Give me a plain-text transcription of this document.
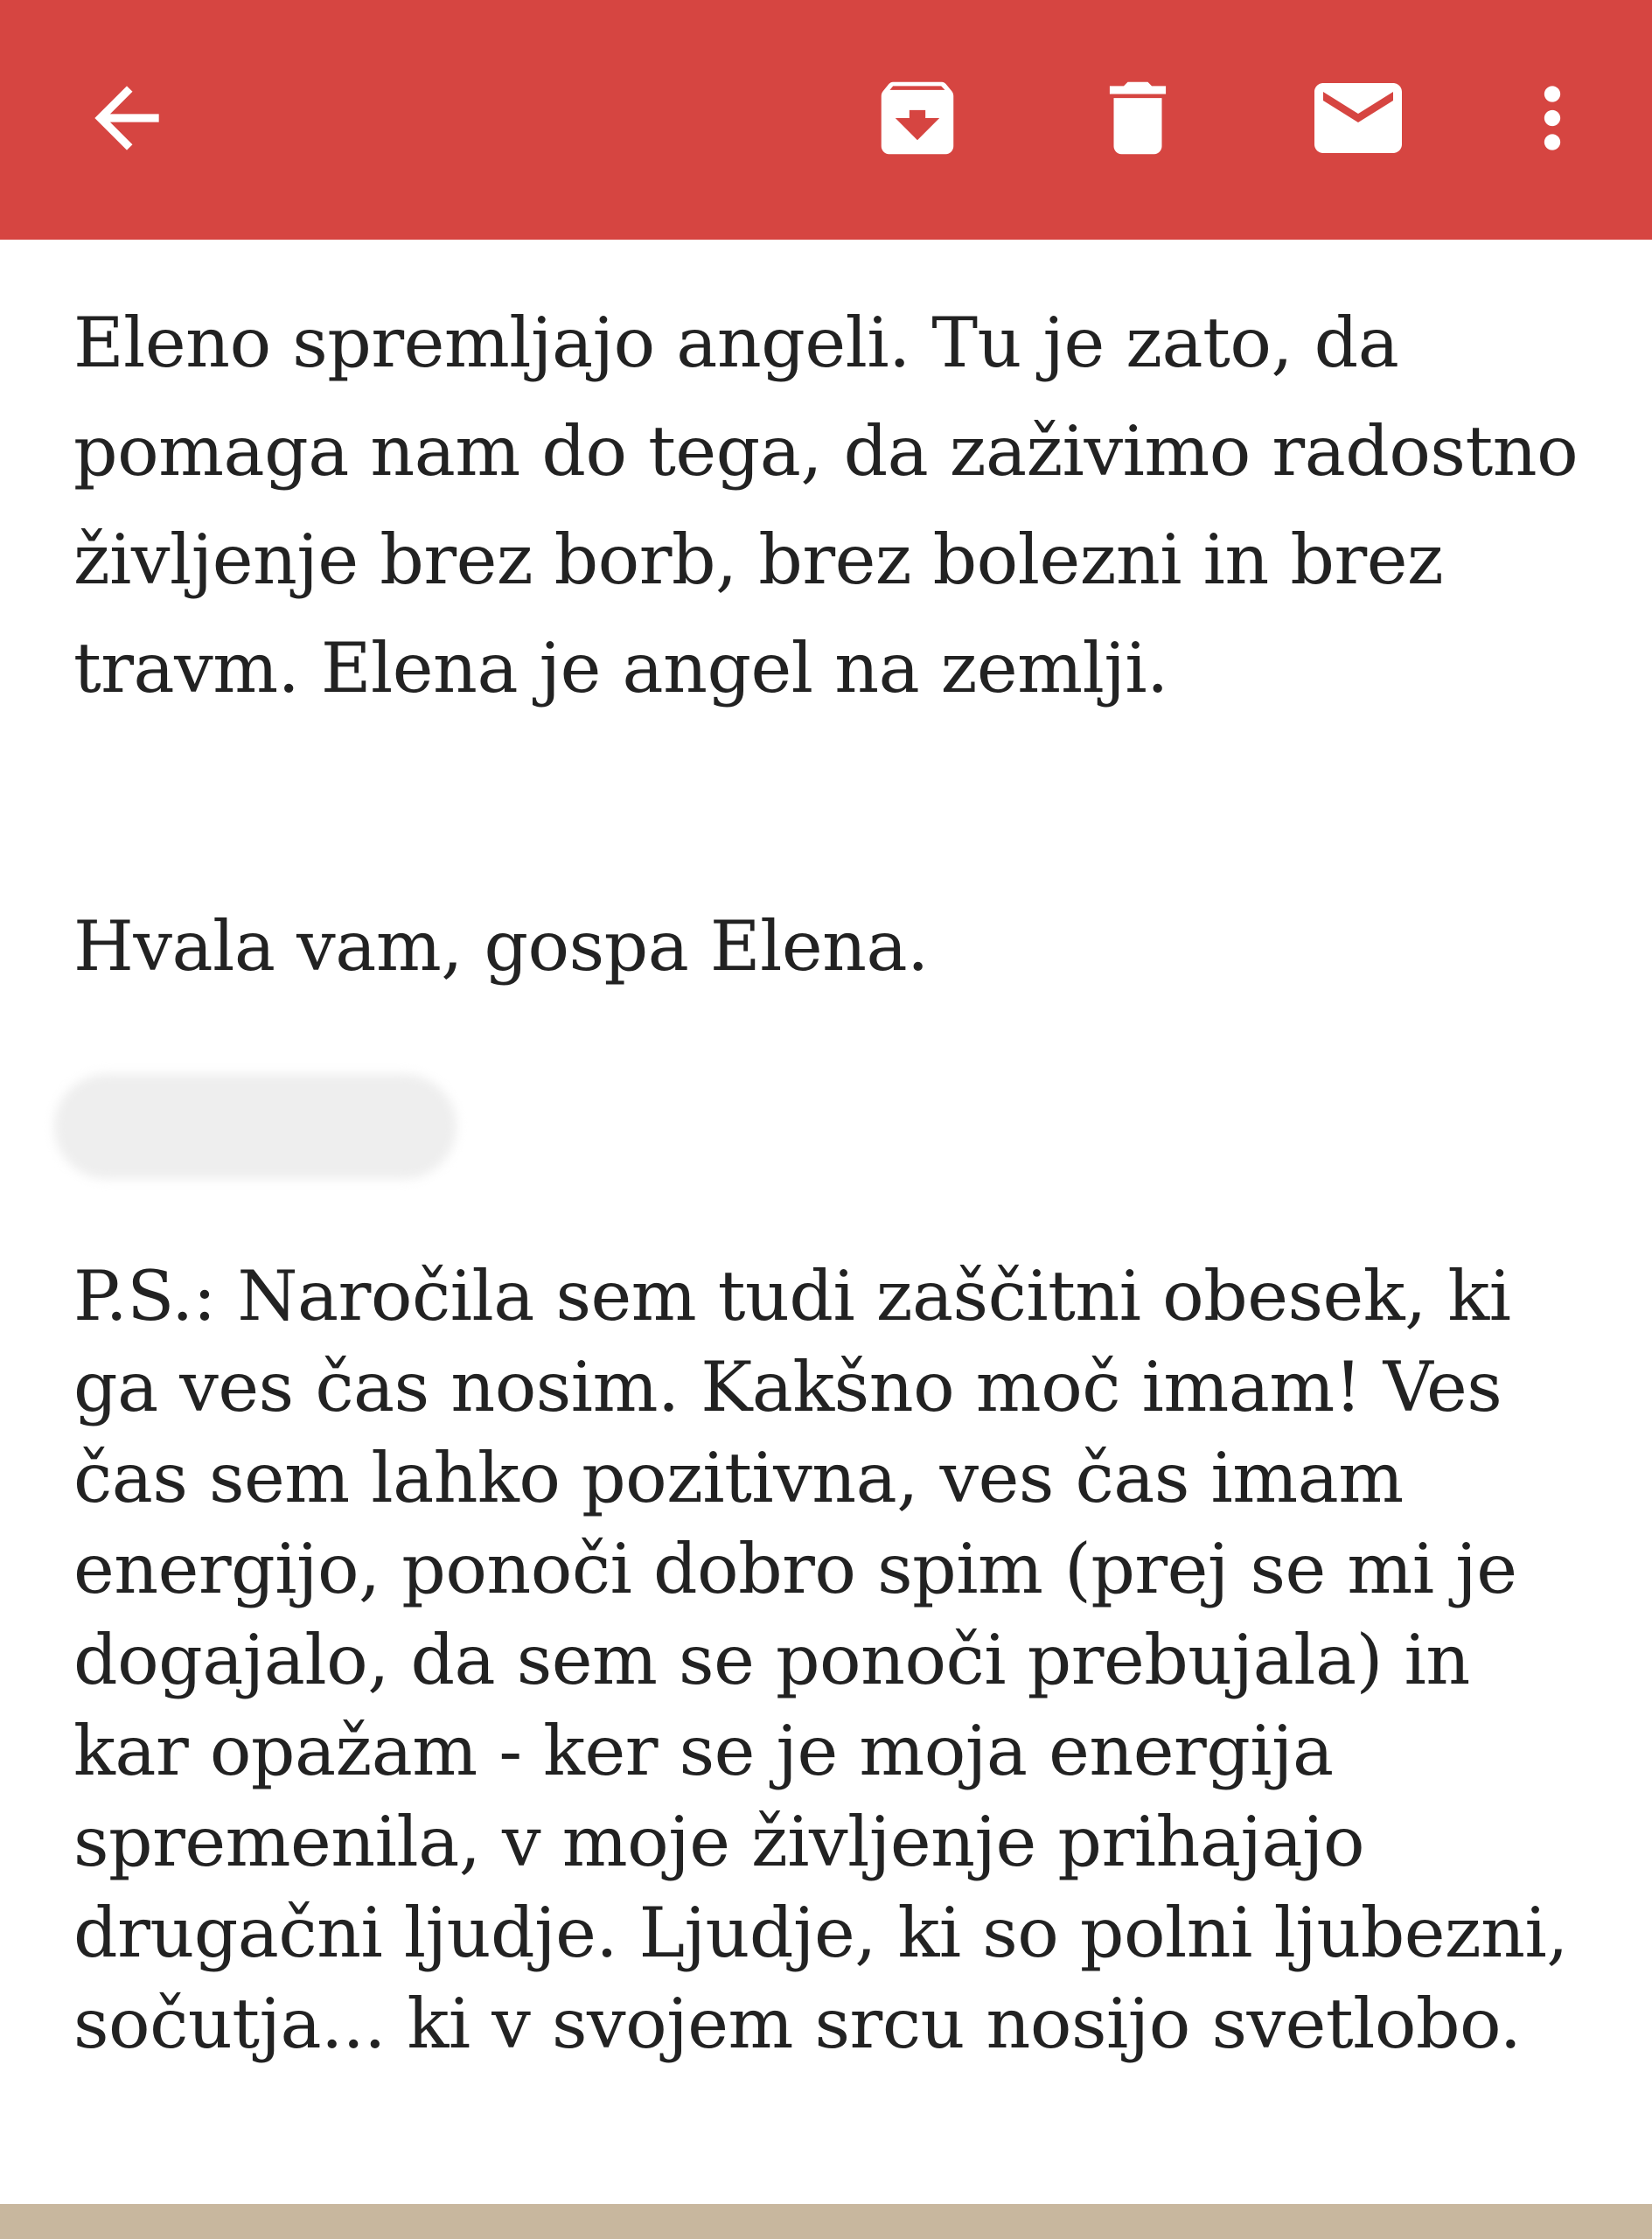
Eleno spremljajo angeli. Tu je zato, da pomaga nam do tega, da zaživimo radostno življenje brez borb, brez bolezni in brez travm. Elena je angel na zemlji.

Hvala vam, gospa Elena.

P.S.: Naročila sem tudi zaščitni obesek, ki ga ves čas nosim. Kakšno moč imam! Ves čas sem lahko pozitivna, ves čas imam energijo, ponoči dobro spim (prej se mi je dogajalo, da sem se ponoči prebujala) in kar opažam - ker se je moja energija spremenila, v moje življenje prihajajo drugačni ljudje. Ljudje, ki so polni ljubezni, sočutja... ki v svojem srcu nosijo svetlobo.
